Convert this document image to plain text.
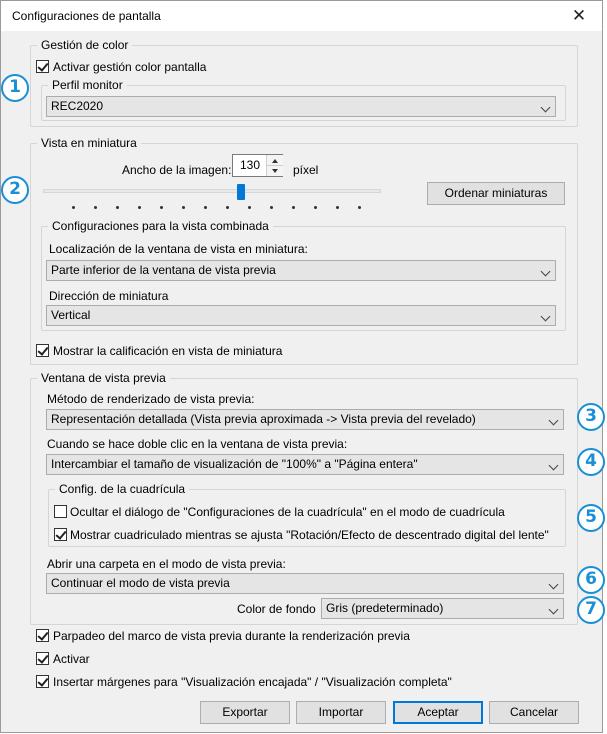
Configuraciones de pantalla	✕
Gestión de color
Activar gestión color pantalla
Perfil monitor
REC2020
Vista en miniatura
Ancho de la imagen: 130	píxel
Ordenar miniaturas
Configuraciones para la vista combinada
Localización de la ventana de vista en miniatura:
Parte inferior de la ventana de vista previa
Dirección de miniatura
Vertical
Mostrar la calificación en vista de miniatura
Ventana de vista previa
Método de renderizado de vista previa:
Representación detallada (Vista previa aproximada -> Vista previa del revelado)
Cuando se hace doble clic en la ventana de vista previa:
Intercambiar el tamaño de visualización de "100%" a "Página entera"
Config. de la cuadrícula
Ocultar el diálogo de "Configuraciones de la cuadrícula" en el modo de cuadrícula
Mostrar cuadriculado mientras se ajusta "Rotación/Efecto de descentrado digital del lente"
Abrir una carpeta en el modo de vista previa:
Continuar el modo de vista previa
Color de fondo Gris (predeterminado)
Parpadeo del marco de vista previa durante la renderización previa
Activar
Insertar márgenes para "Visualización encajada" / "Visualización completa"
Exportar	Importar	Aceptar	Cancelar
1
2
3
4
5
6
7
